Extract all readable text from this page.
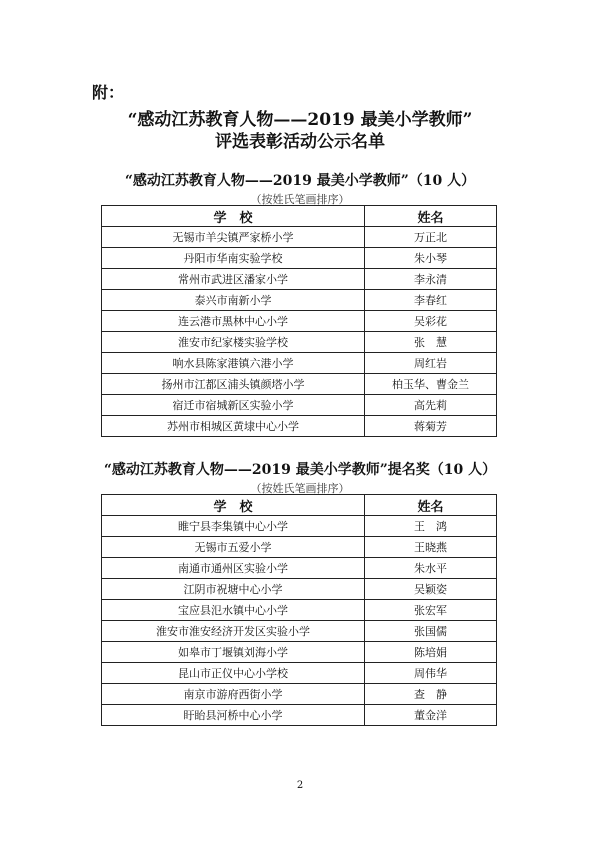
附：
“感动江苏教育人物——2019 最美小学教师”
评选表彰活动公示名单
“感动江苏教育人物——2019 最美小学教师”（10 人）
（按姓氏笔画排序）
学　校	姓名
无锡市羊尖镇严家桥小学	万正北
丹阳市华南实验学校	朱小琴
常州市武进区潘家小学	李永清
泰兴市南新小学	李春红
连云港市黑林中心小学	吴彩花
淮安市纪家楼实验学校	张　慧
响水县陈家港镇六港小学	周红岩
扬州市江都区浦头镇颜塔小学	柏玉华、曹金兰
宿迁市宿城新区实验小学	高先莉
苏州市相城区黄埭中心小学	蒋菊芳
“感动江苏教育人物——2019 最美小学教师”提名奖（10 人）
（按姓氏笔画排序）
学　校	姓名
睢宁县李集镇中心小学	王　鸿
无锡市五爱小学	王晓燕
南通市通州区实验小学	朱水平
江阴市祝塘中心小学	吴颖姿
宝应县氾水镇中心小学	张宏军
淮安市淮安经济开发区实验小学	张国儒
如皋市丁堰镇刘海小学	陈培娟
昆山市正仪中心小学校	周伟华
南京市游府西街小学	查　静
盱眙县河桥中心小学	董金洋
2
